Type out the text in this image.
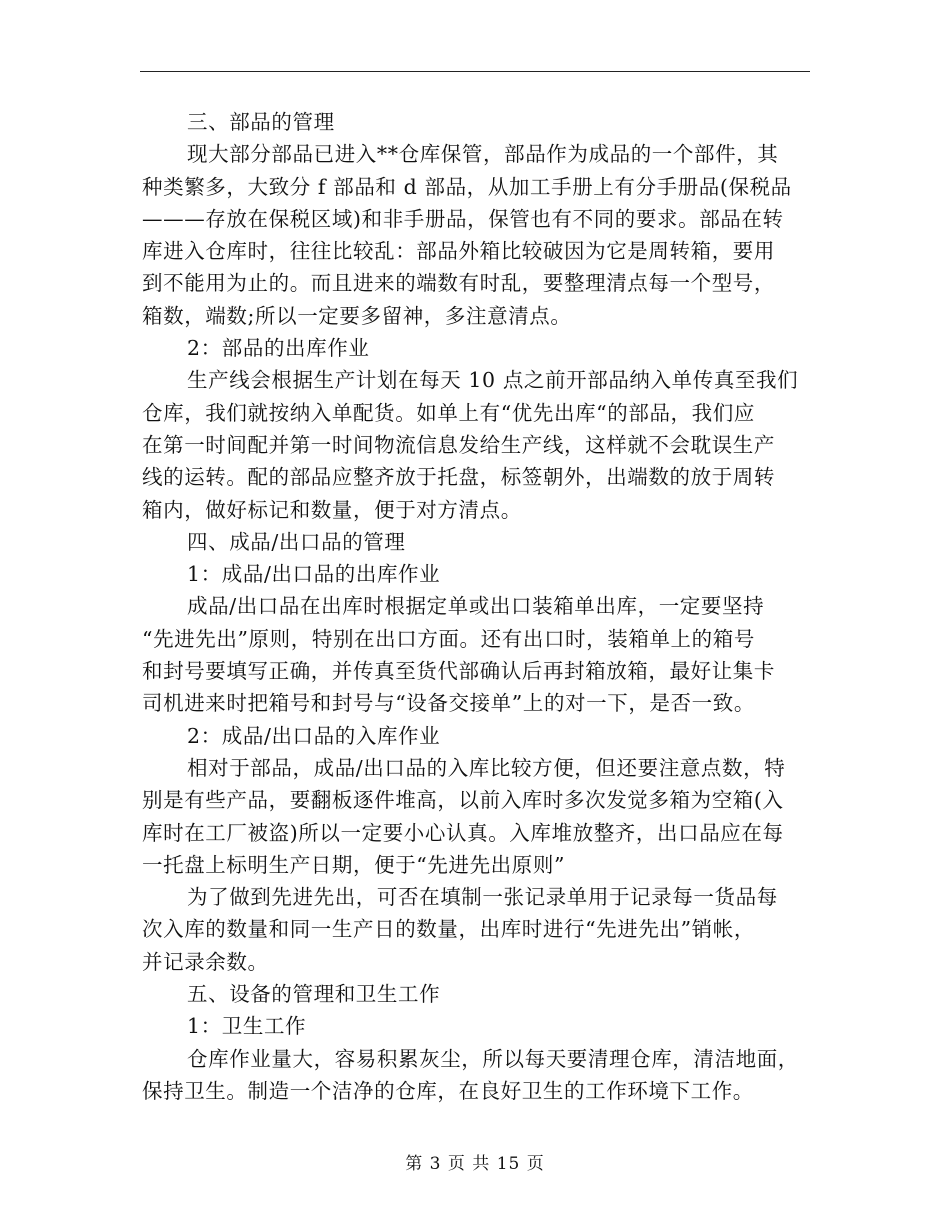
三、部品的管理
现大部分部品已进入**仓库保管，部品作为成品的一个部件，其
种类繁多，大致分 f 部品和 d 部品，从加工手册上有分手册品(保税品
———存放在保税区域)和非手册品，保管也有不同的要求。部品在转
库进入仓库时，往往比较乱：部品外箱比较破因为它是周转箱，要用
到不能用为止的。而且进来的端数有时乱，要整理清点每一个型号，
箱数，端数;所以一定要多留神，多注意清点。
2：部品的出库作业
生产线会根据生产计划在每天 10 点之前开部品纳入单传真至我们
仓库，我们就按纳入单配货。如单上有“优先出库“的部品，我们应
在第一时间配并第一时间物流信息发给生产线，这样就不会耽误生产
线的运转。配的部品应整齐放于托盘，标签朝外，出端数的放于周转
箱内，做好标记和数量，便于对方清点。
四、成品/出口品的管理
1：成品/出口品的出库作业
成品/出口品在出库时根据定单或出口装箱单出库，一定要坚持
“先进先出”原则，特别在出口方面。还有出口时，装箱单上的箱号
和封号要填写正确，并传真至货代部确认后再封箱放箱，最好让集卡
司机进来时把箱号和封号与“设备交接单”上的对一下，是否一致。
2：成品/出口品的入库作业
相对于部品，成品/出口品的入库比较方便，但还要注意点数，特
别是有些产品，要翻板逐件堆高，以前入库时多次发觉多箱为空箱(入
库时在工厂被盗)所以一定要小心认真。入库堆放整齐，出口品应在每
一托盘上标明生产日期，便于“先进先出原则”
为了做到先进先出，可否在填制一张记录单用于记录每一货品每
次入库的数量和同一生产日的数量，出库时进行“先进先出”销帐，
并记录余数。
五、设备的管理和卫生工作
1：卫生工作
仓库作业量大，容易积累灰尘，所以每天要清理仓库，清洁地面，
保持卫生。制造一个洁净的仓库，在良好卫生的工作环境下工作。
第 3 页 共 15 页
